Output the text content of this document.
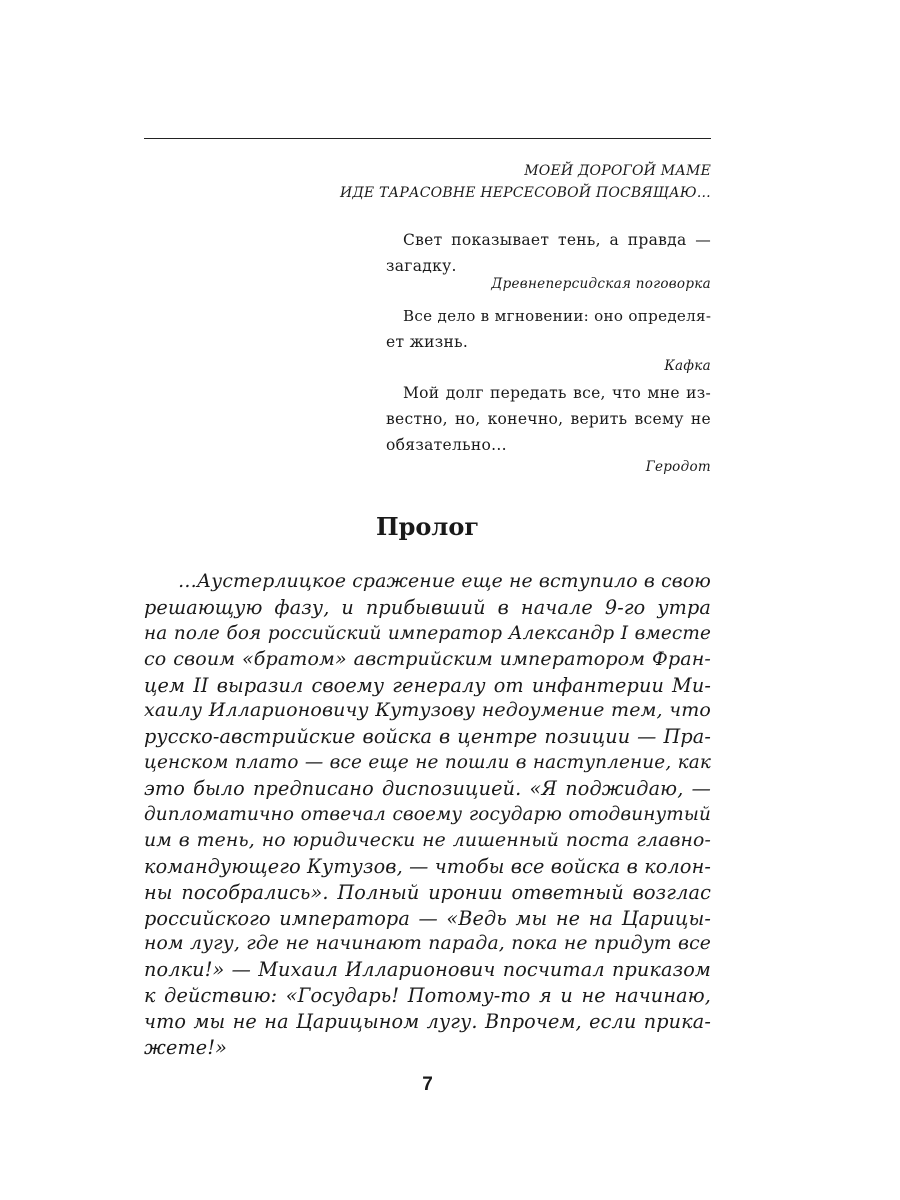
МОЕЙ ДОРОГОЙ МАМЕ
ИДЕ ТАРАСОВНЕ НЕРСЕСОВОЙ ПОСВЯЩАЮ…
Свет показывает тень, а правда —
загадку.
Древнеперсидская поговорка
Все дело в мгновении: оно определя-
ет жизнь.
Кафка
Мой долг передать все, что мне из-
вестно, но, конечно, верить всему не
обязательно...
Геродот
Пролог
…Аустерлицкое сражение еще не вступило в свою
решающую фазу, и прибывший в начале 9-го утра
на поле боя российский император Александр I вместе
со своим «братом» австрийским императором Фран-
цем II выразил своему генералу от инфантерии Ми-
хаилу Илларионовичу Кутузову недоумение тем, что
русско-австрийские войска в центре позиции — Пра-
ценском плато — все еще не пошли в наступление, как
это было предписано диспозицией. «Я поджидаю, —
дипломатично отвечал своему государю отодвинутый
им в тень, но юридически не лишенный поста главно-
командующего Кутузов, — чтобы все войска в колон-
ны пособрались». Полный иронии ответный возглас
российского императора — «Ведь мы не на Царицы-
ном лугу, где не начинают парада, пока не придут все
полки!» — Михаил Илларионович посчитал приказом
к действию: «Государь! Потому-то я и не начинаю,
что мы не на Царицыном лугу. Впрочем, если прика-
жете!»
7
